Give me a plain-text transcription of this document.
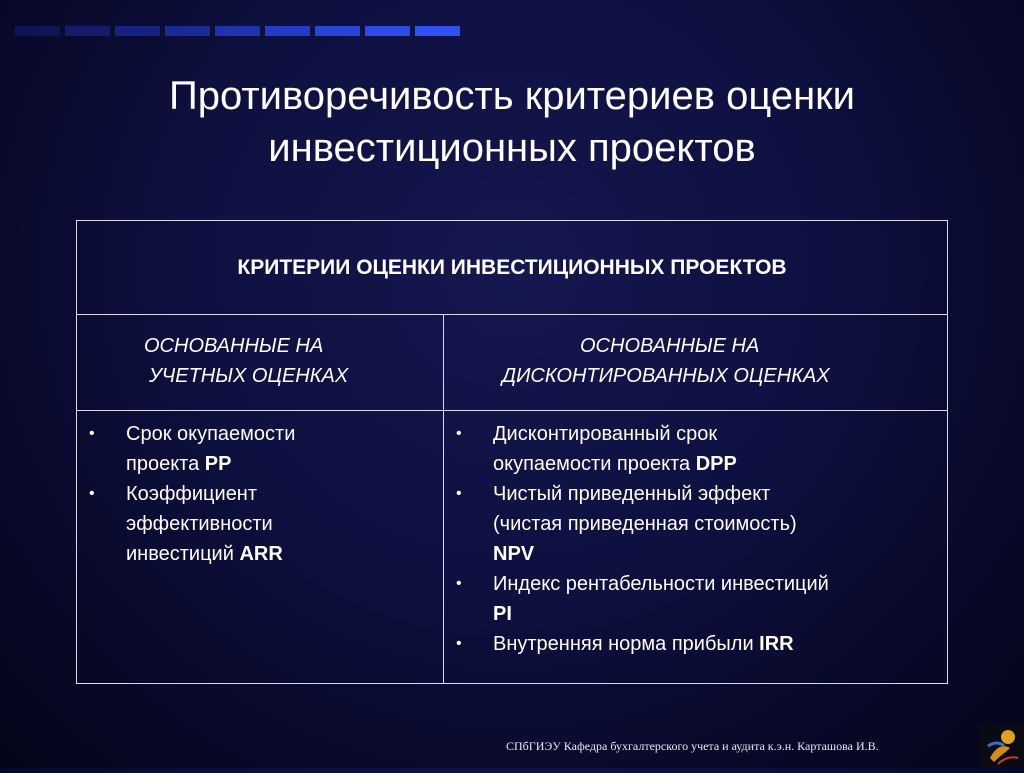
Противоречивость критериев оценки
инвестиционных проектов
КРИТЕРИИ ОЦЕНКИ ИНВЕСТИЦИОННЫХ ПРОЕКТОВ
ОСНОВАННЫЕ НА
УЧЕТНЫХ ОЦЕНКАХ
ОСНОВАННЫЕ НА
ДИСКОНТИРОВАННЫХ ОЦЕНКАХ
• Срок окупаемости
проекта PP
• Коэффициент
эффективности
инвестиций ARR
• Дисконтированный срок
окупаемости проекта DPP
• Чистый приведенный эффект
(чистая приведенная стоимость)
NPV
• Индекс рентабельности инвестиций
PI
• Внутренняя норма прибыли IRR
СПбГИЭУ Кафедра бухгалтерского учета и аудита к.э.н. Карташова И.В.
